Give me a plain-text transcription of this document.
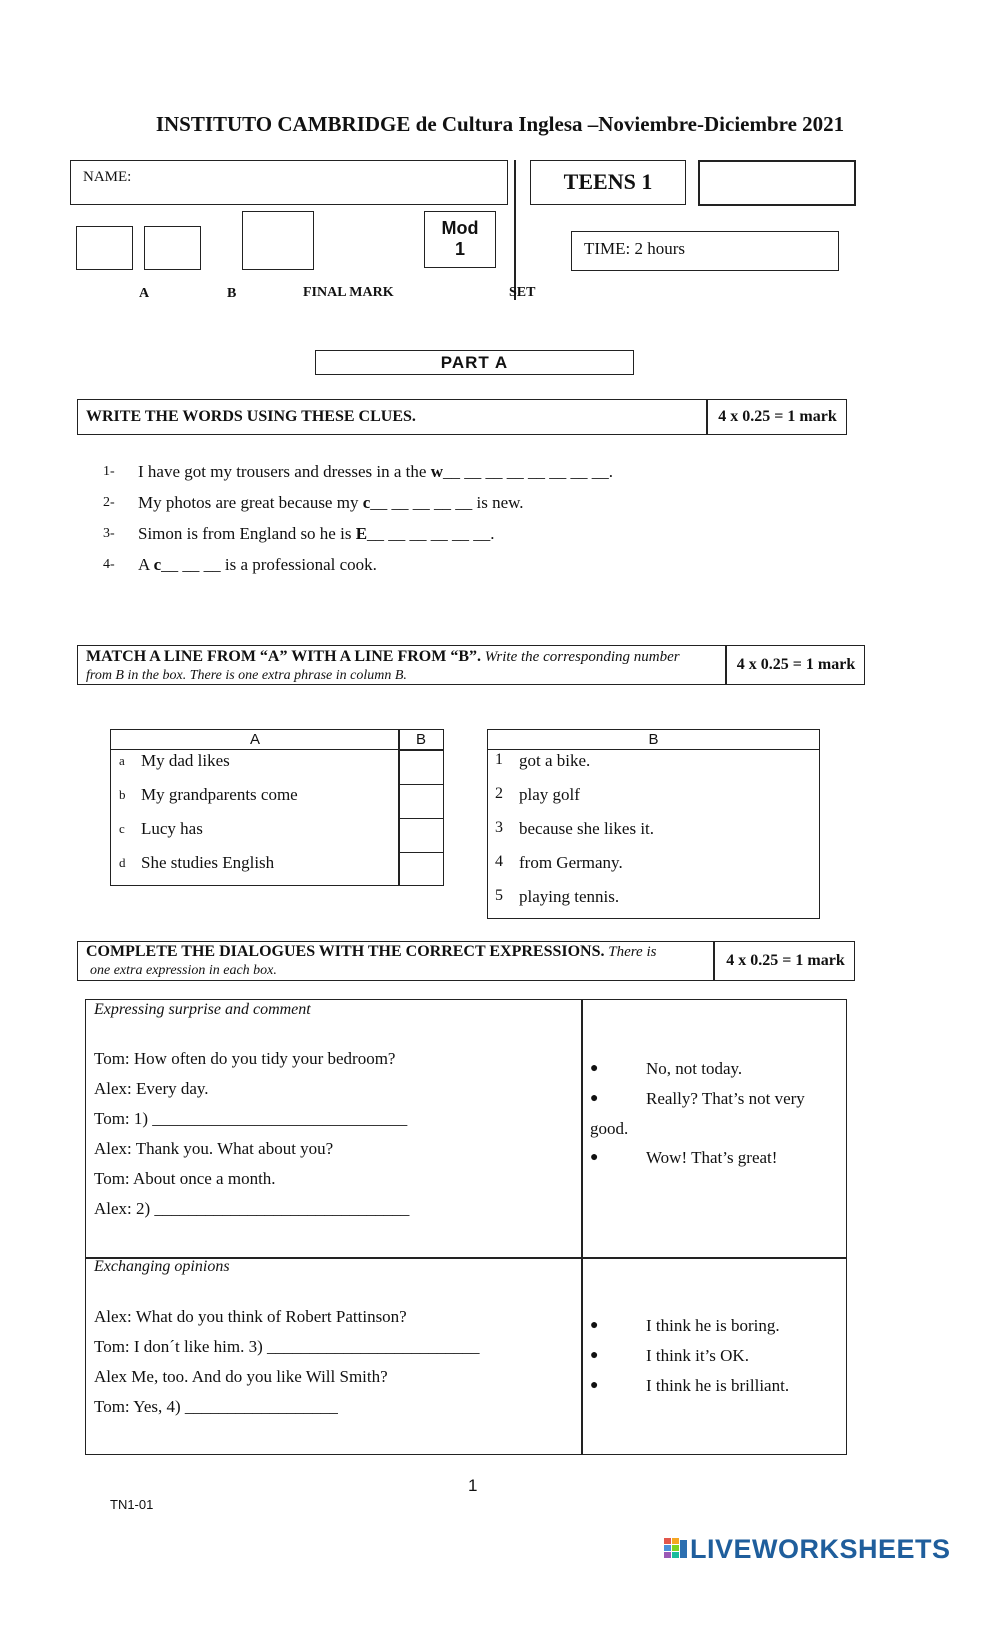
INSTITUTO CAMBRIDGE de Cultura Inglesa –Noviembre-Diciembre 2021
NAME:	TEENS 1
Mod
1	TIME: 2 hours
A	B	FINAL MARK	SET
PART A
WRITE THE WORDS USING THESE CLUES.	4 x 0.25 = 1 mark
1- I have got my trousers and dresses in a the w__ __ __ __ __ __ __ __.
2- My photos are great because my c__ __ __ __ __ is new.
3- Simon is from England so he is E__ __ __ __ __ __.
4- A c__ __ __ is a professional cook.
MATCH A LINE FROM “A” WITH A LINE FROM “B”. Write the corresponding number
from B in the box. There is one extra phrase in column B.
4 x 0.25 = 1 mark
A	B
a My dad likes
b My grandparents come
c Lucy has
d She studies English
B
1 got a bike.
2 play golf
3 because she likes it.
4 from Germany.
5 playing tennis.
COMPLETE THE DIALOGUES WITH THE CORRECT EXPRESSIONS. There is
one extra expression in each box.
4 x 0.25 = 1 mark
Expressing surprise and comment
Tom: How often do you tidy your bedroom?
Alex: Every day.
Tom: 1) ______________________________
Alex: Thank you. What about you?
Tom: About once a month.
Alex: 2) ______________________________
●	No, not today.
●	Really? That’s not very
good.
●	Wow! That’s great!
Exchanging opinions
Alex: What do you think of Robert Pattinson?
Tom: I don´t like him. 3) _________________________
Alex Me, too. And do you like Will Smith?
Tom: Yes, 4) __________________
●	I think he is boring.
●	I think it’s OK.
●	I think he is brilliant.
1
TN1-01
LIVEWORKSHEETS
